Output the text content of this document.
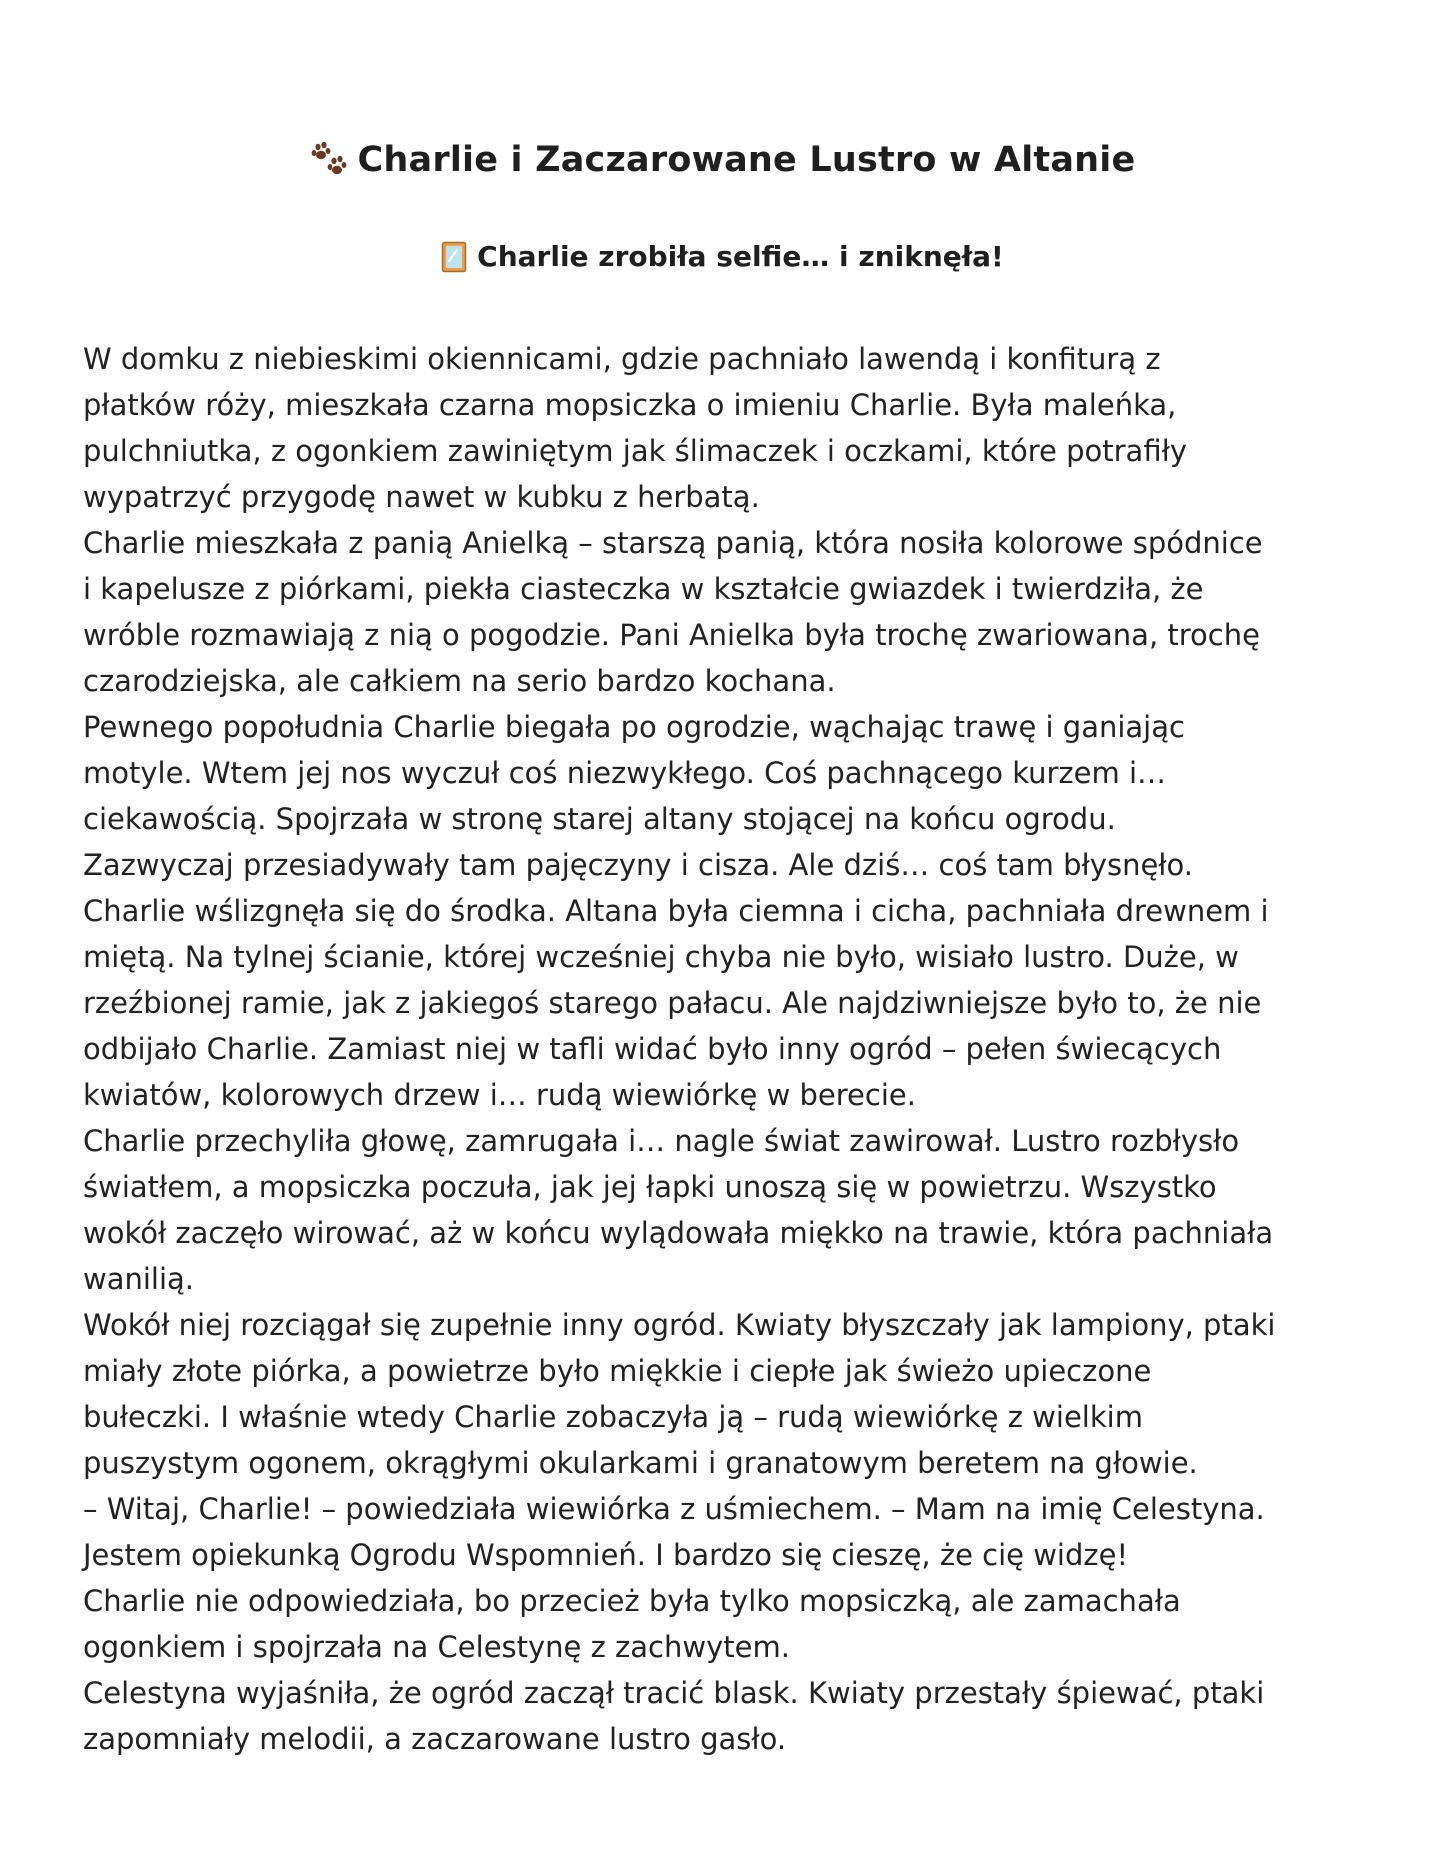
Charlie i Zaczarowane Lustro w Altanie
Charlie zrobiła selfie… i zniknęła!

W domku z niebieskimi okiennicami, gdzie pachniało lawendą i konfiturą z

płatków róży, mieszkała czarna mopsiczka o imieniu Charlie. Była maleńka,

pulchniutka, z ogonkiem zawiniętym jak ślimaczek i oczkami, które potrafiły

wypatrzyć przygodę nawet w kubku z herbatą.

Charlie mieszkała z panią Anielką – starszą panią, która nosiła kolorowe spódnice

i kapelusze z piórkami, piekła ciasteczka w kształcie gwiazdek i twierdziła, że

wróble rozmawiają z nią o pogodzie. Pani Anielka była trochę zwariowana, trochę

czarodziejska, ale całkiem na serio bardzo kochana.

Pewnego popołudnia Charlie biegała po ogrodzie, wąchając trawę i ganiając

motyle. Wtem jej nos wyczuł coś niezwykłego. Coś pachnącego kurzem i…

ciekawością. Spojrzała w stronę starej altany stojącej na końcu ogrodu.

Zazwyczaj przesiadywały tam pajęczyny i cisza. Ale dziś… coś tam błysnęło.

Charlie wślizgnęła się do środka. Altana była ciemna i cicha, pachniała drewnem i

miętą. Na tylnej ścianie, której wcześniej chyba nie było, wisiało lustro. Duże, w

rzeźbionej ramie, jak z jakiegoś starego pałacu. Ale najdziwniejsze było to, że nie

odbijało Charlie. Zamiast niej w tafli widać było inny ogród – pełen świecących

kwiatów, kolorowych drzew i… rudą wiewiórkę w berecie.

Charlie przechyliła głowę, zamrugała i… nagle świat zawirował. Lustro rozbłysło

światłem, a mopsiczka poczuła, jak jej łapki unoszą się w powietrzu. Wszystko

wokół zaczęło wirować, aż w końcu wylądowała miękko na trawie, która pachniała

wanilią.

Wokół niej rozciągał się zupełnie inny ogród. Kwiaty błyszczały jak lampiony, ptaki

miały złote piórka, a powietrze było miękkie i ciepłe jak świeżo upieczone

bułeczki. I właśnie wtedy Charlie zobaczyła ją – rudą wiewiórkę z wielkim

puszystym ogonem, okrągłymi okularkami i granatowym beretem na głowie.

– Witaj, Charlie! – powiedziała wiewiórka z uśmiechem. – Mam na imię Celestyna.

Jestem opiekunką Ogrodu Wspomnień. I bardzo się cieszę, że cię widzę!

Charlie nie odpowiedziała, bo przecież była tylko mopsiczką, ale zamachała

ogonkiem i spojrzała na Celestynę z zachwytem.

Celestyna wyjaśniła, że ogród zaczął tracić blask. Kwiaty przestały śpiewać, ptaki

zapomniały melodii, a zaczarowane lustro gasło.
